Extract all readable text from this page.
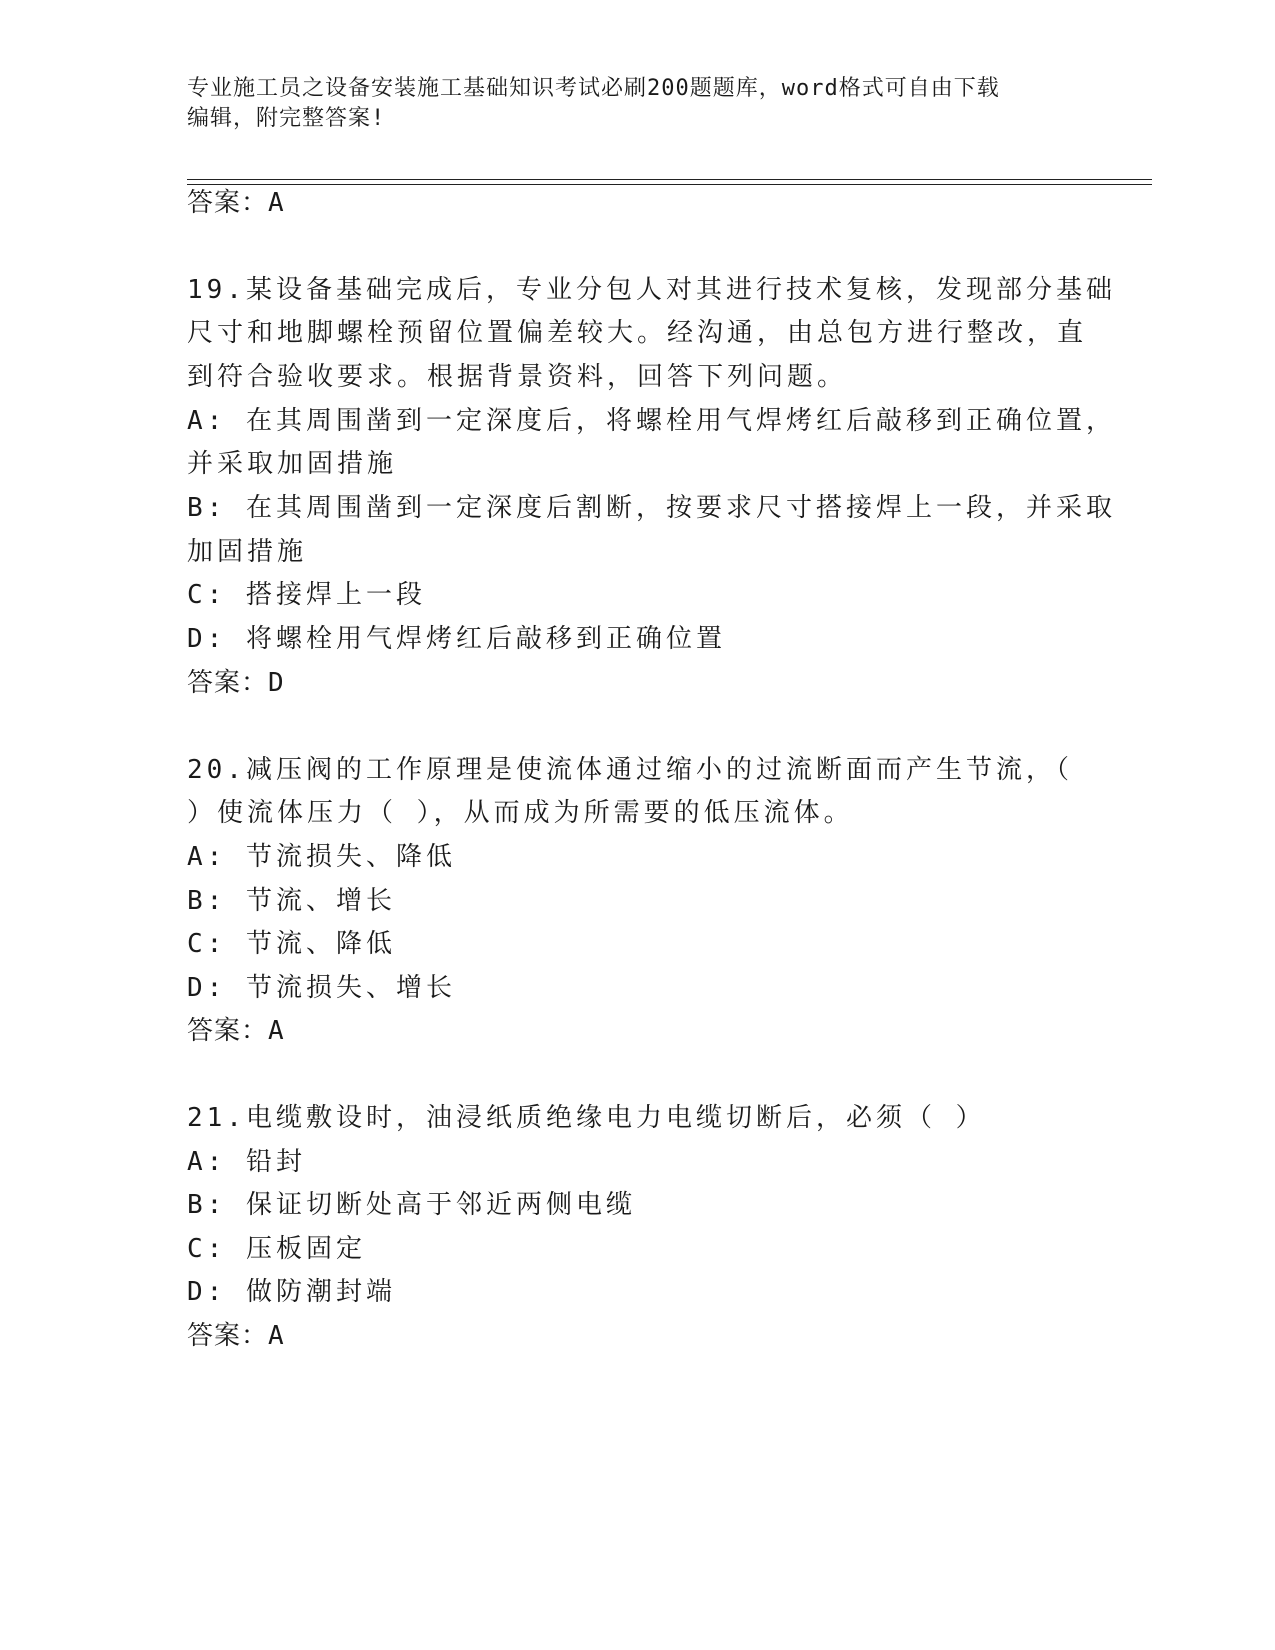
专业施工员之设备安装施工基础知识考试必刷200题题库，word格式可自由下载
编辑，附完整答案!
答案：A
19.某设备基础完成后，专业分包人对其进行技术复核，发现部分基础
尺寸和地脚螺栓预留位置偏差较大。经沟通，由总包方进行整改，直
到符合验收要求。根据背景资料，回答下列问题。
A: 在其周围凿到一定深度后，将螺栓用气焊烤红后敲移到正确位置，
并采取加固措施
B: 在其周围凿到一定深度后割断，按要求尺寸搭接焊上一段，并采取
加固措施
C: 搭接焊上一段
D: 将螺栓用气焊烤红后敲移到正确位置
答案：D
20.减压阀的工作原理是使流体通过缩小的过流断面而产生节流，（
）使流体压力（ ），从而成为所需要的低压流体。
A: 节流损失、降低
B: 节流、增长
C: 节流、降低
D: 节流损失、增长
答案：A
21.电缆敷设时，油浸纸质绝缘电力电缆切断后，必须（ ）
A: 铅封
B: 保证切断处高于邻近两侧电缆
C: 压板固定
D: 做防潮封端
答案：A
